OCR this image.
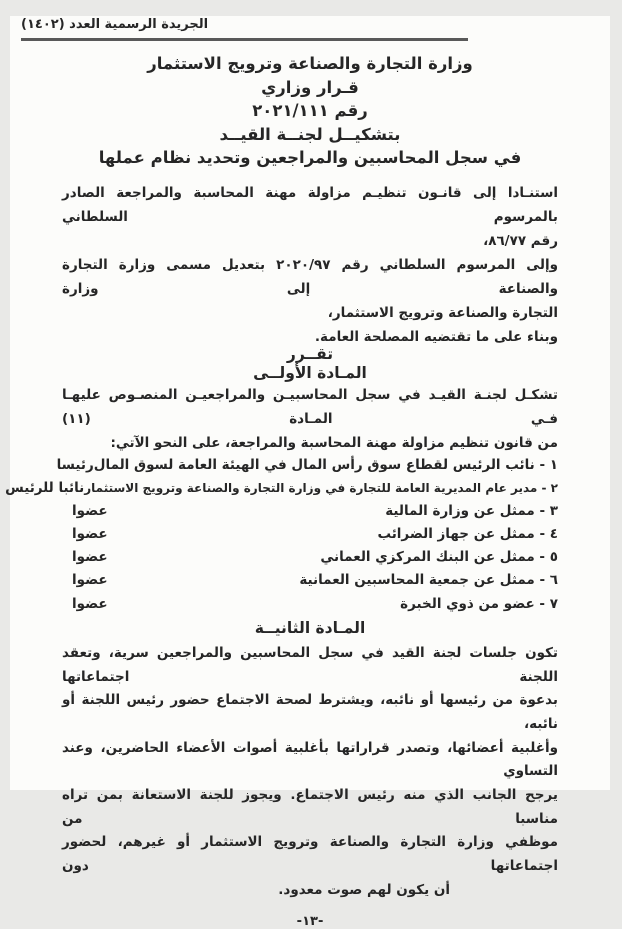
الجريدة الرسمية العدد (١٤٠٢)
وزارة التجارة والصناعة وترويج الاستثمار
قـرار وزاري
رقم ٢٠٢١/١١١
بتشكيــل لجنــة القيــد
في سجل المحاسبين والمراجعين وتحديد نظام عملها
استنـادا إلى قانـون تنظيـم مزاولة مهنة المحاسبة والمراجعة الصادر بالمرسوم السلطاني
رقم ٨٦/٧٧،
وإلى المرسوم السلطاني رقم ٢٠٢٠/٩٧ بتعديل مسمى وزارة التجارة والصناعة إلى وزارة
التجارة والصناعة وترويج الاستثمار،
وبناء على ما تقتضيه المصلحة العامة.
تقــرر
المـادة الأولــى
تشكـل لجنـة القيـد في سجل المحاسبيـن والمراجعيـن المنصـوص عليهـا فـي المـادة (١١)
من قانون تنظيم مزاولة مهنة المحاسبة والمراجعة، على النحو الآتي:
١ - نائب الرئيس لقطاع سوق رأس المال في الهيئة العامة لسوق المال
رئيسا
٢ - مدير عام المديرية العامة للتجارة في وزارة التجارة والصناعة وترويج الاستثمار
نائبا للرئيس
٣ - ممثل عن وزارة المالية
عضوا
٤ - ممثل عن جهاز الضرائب
عضوا
٥ - ممثل عن البنك المركزي العماني
عضوا
٦ - ممثل عن جمعية المحاسبين العمانية
عضوا
٧ - عضو من ذوي الخبرة
عضوا
المـادة الثانيــة
تكون جلسات لجنة القيد في سجل المحاسبين والمراجعين سرية، وتعقد اللجنة اجتماعاتها
بدعوة من رئيسها أو نائبه، ويشترط لصحة الاجتماع حضور رئيس اللجنة أو نائبه،
وأغلبية أعضائها، وتصدر قراراتها بأغلبية أصوات الأعضاء الحاضرين، وعند التساوي
يرجح الجانب الذي منه رئيس الاجتماع. ويجوز للجنة الاستعانة بمن تراه مناسبا من
موظفي وزارة التجارة والصناعة وترويج الاستثمار أو غيرهم، لحضور اجتماعاتها دون
أن يكون لهم صوت معدود.
-١٣-
